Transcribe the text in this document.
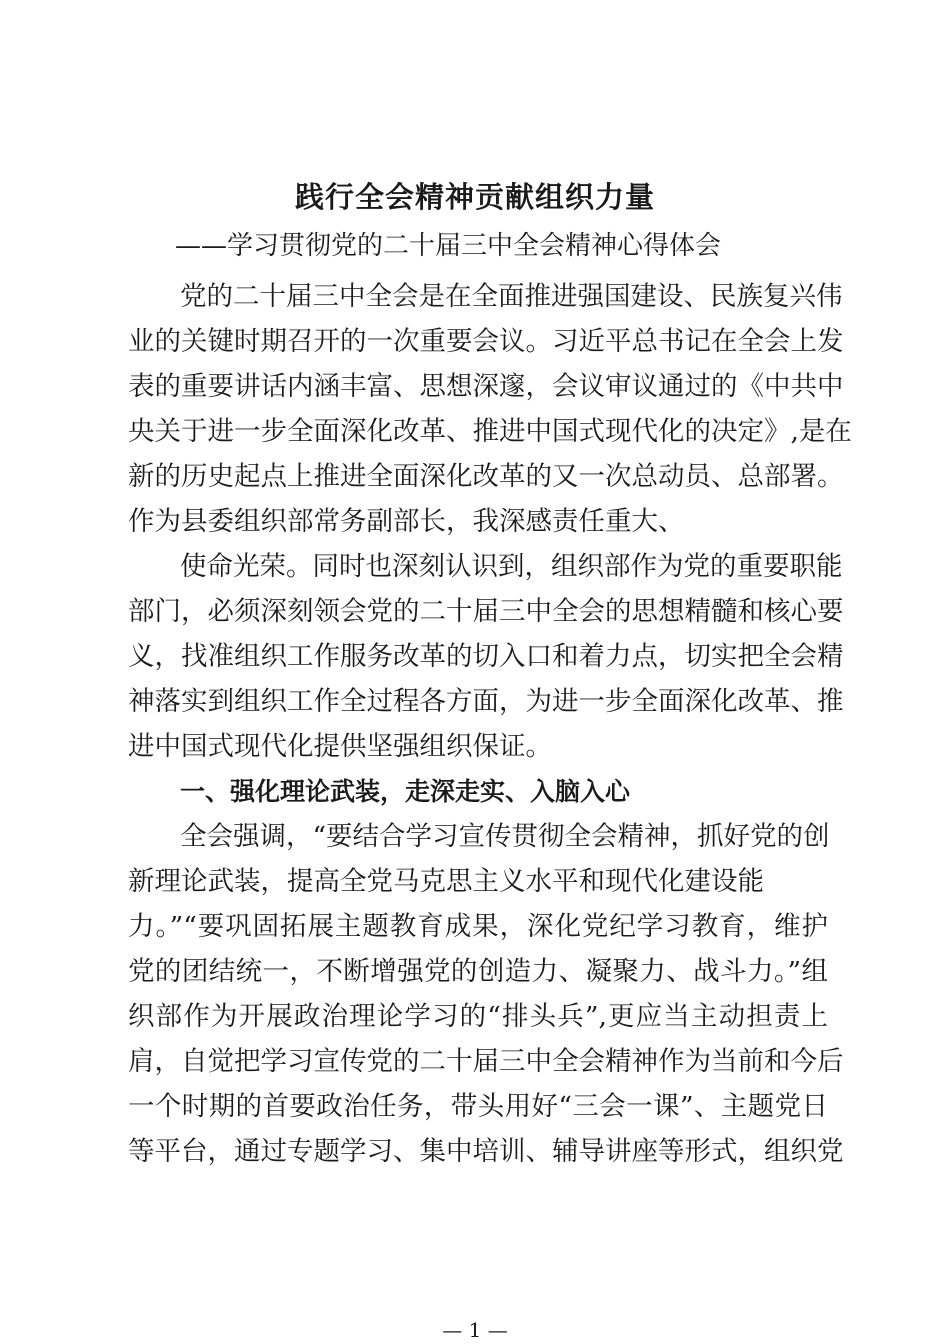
践行全会精神贡献组织力量
——学习贯彻党的二十届三中全会精神心得体会
党的二十届三中全会是在全面推进强国建设、民族复兴伟
业的关键时期召开的一次重要会议。习近平总书记在全会上发
表的重要讲话内涵丰富、思想深邃，会议审议通过的《中共中
央关于进一步全面深化改革、推进中国式现代化的决定》,是在
新的历史起点上推进全面深化改革的又一次总动员、总部署。
作为县委组织部常务副部长，我深感责任重大、
使命光荣。同时也深刻认识到，组织部作为党的重要职能
部门，必须深刻领会党的二十届三中全会的思想精髓和核心要
义，找准组织工作服务改革的切入口和着力点，切实把全会精
神落实到组织工作全过程各方面，为进一步全面深化改革、推
进中国式现代化提供坚强组织保证。
一、强化理论武装，走深走实、入脑入心
全会强调，“要结合学习宣传贯彻全会精神，抓好党的创
新理论武装，提高全党马克思主义水平和现代化建设能
力。”“要巩固拓展主题教育成果，深化党纪学习教育，维护
党的团结统一，不断增强党的创造力、凝聚力、战斗力。”组
织部作为开展政治理论学习的“排头兵”,更应当主动担责上
肩，自觉把学习宣传党的二十届三中全会精神作为当前和今后
一个时期的首要政治任务，带头用好“三会一课”、主题党日
等平台，通过专题学习、集中培训、辅导讲座等形式，组织党
— 1 —
